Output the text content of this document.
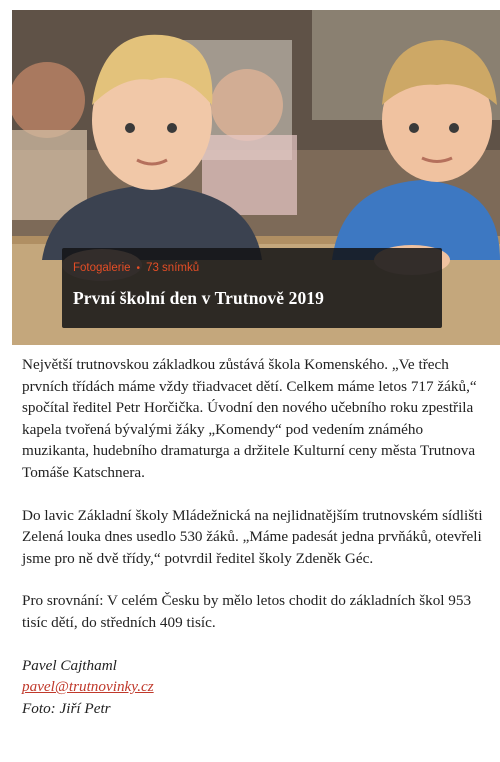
Fotogalerie • 73 snímků
První školní den v Trutnově 2019

Největší trutnovskou základkou zůstává škola Komenského. „Ve třech prvních třídách máme vždy třiadvacet dětí. Celkem máme letos 717 žáků,“ spočítal ředitel Petr Horčička. Úvodní den nového učebního roku zpestřila kapela tvořená bývalými žáky „Komendy“ pod vedením známého muzikanta, hudebního dramaturga a držitele Kulturní ceny města Trutnova Tomáše Katschnera.

Do lavic Základní školy Mládežnická na nejlidnatějším trutnovském sídlišti Zelená louka dnes usedlo 530 žáků. „Máme padesát jedna prvňáků, otevřeli jsme pro ně dvě třídy,“ potvrdil ředitel školy Zdeněk Géc.

Pro srovnání: V celém Česku by mělo letos chodit do základních škol 953 tisíc dětí, do středních 409 tisíc.

Pavel Cajthaml
pavel@trutnovinky.cz
Foto: Jiří Petr
